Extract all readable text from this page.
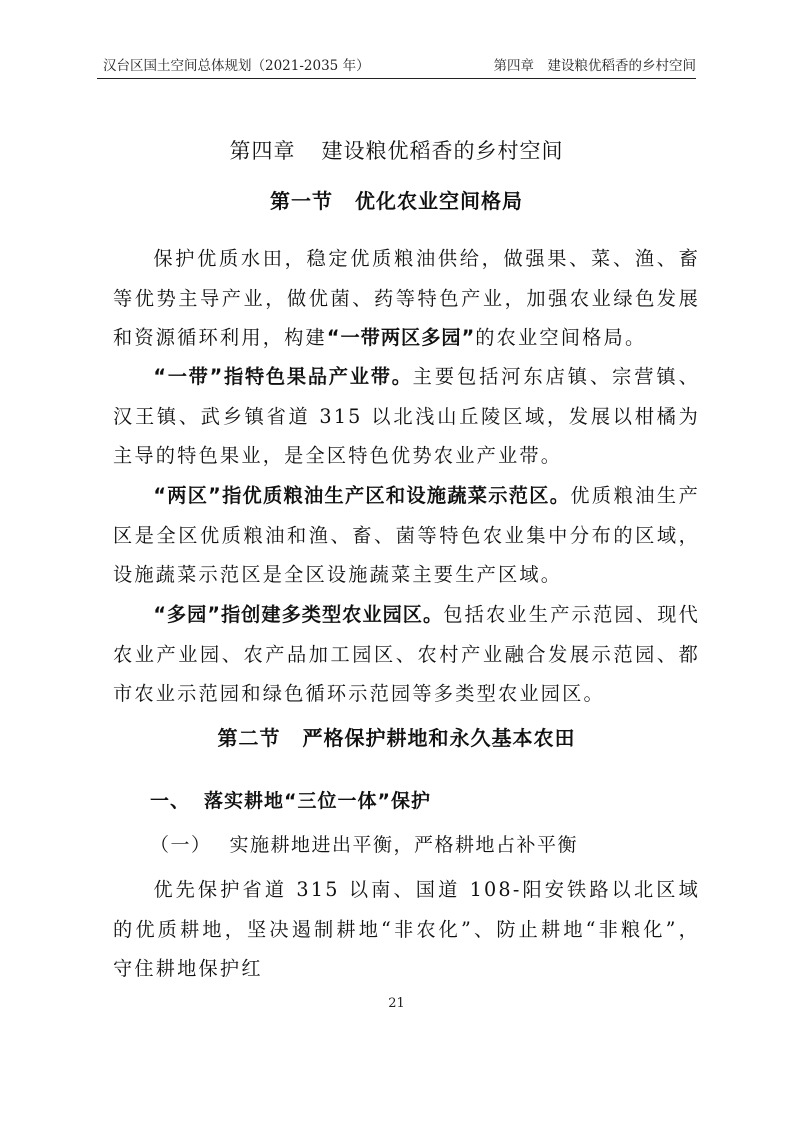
汉台区国土空间总体规划（2021-2035 年）	第四章　建设粮优稻香的乡村空间
第四章 建设粮优稻香的乡村空间
第一节 优化农业空间格局

保护优质水田，稳定优质粮油供给，做强果、菜、渔、畜等优势主导产业，做优菌、药等特色产业，加强农业绿色发展和资源循环利用，构建“一带两区多园”的农业空间格局。

“一带”指特色果品产业带。主要包括河东店镇、宗营镇、汉王镇、武乡镇省道 315 以北浅山丘陵区域，发展以柑橘为主导的特色果业，是全区特色优势农业产业带。

“两区”指优质粮油生产区和设施蔬菜示范区。优质粮油生产区是全区优质粮油和渔、畜、菌等特色农业集中分布的区域，设施蔬菜示范区是全区设施蔬菜主要生产区域。

“多园”指创建多类型农业园区。包括农业生产示范园、现代农业产业园、农产品加工园区、农村产业融合发展示范园、都市农业示范园和绿色循环示范园等多类型农业园区。

第二节 严格保护耕地和永久基本农田
一、 落实耕地“三位一体”保护
（一） 实施耕地进出平衡，严格耕地占补平衡

优先保护省道 315 以南、国道 108-阳安铁路以北区域的优质耕地，坚决遏制耕地“非农化”、防止耕地“非粮化”， 守住耕地保护红

21
